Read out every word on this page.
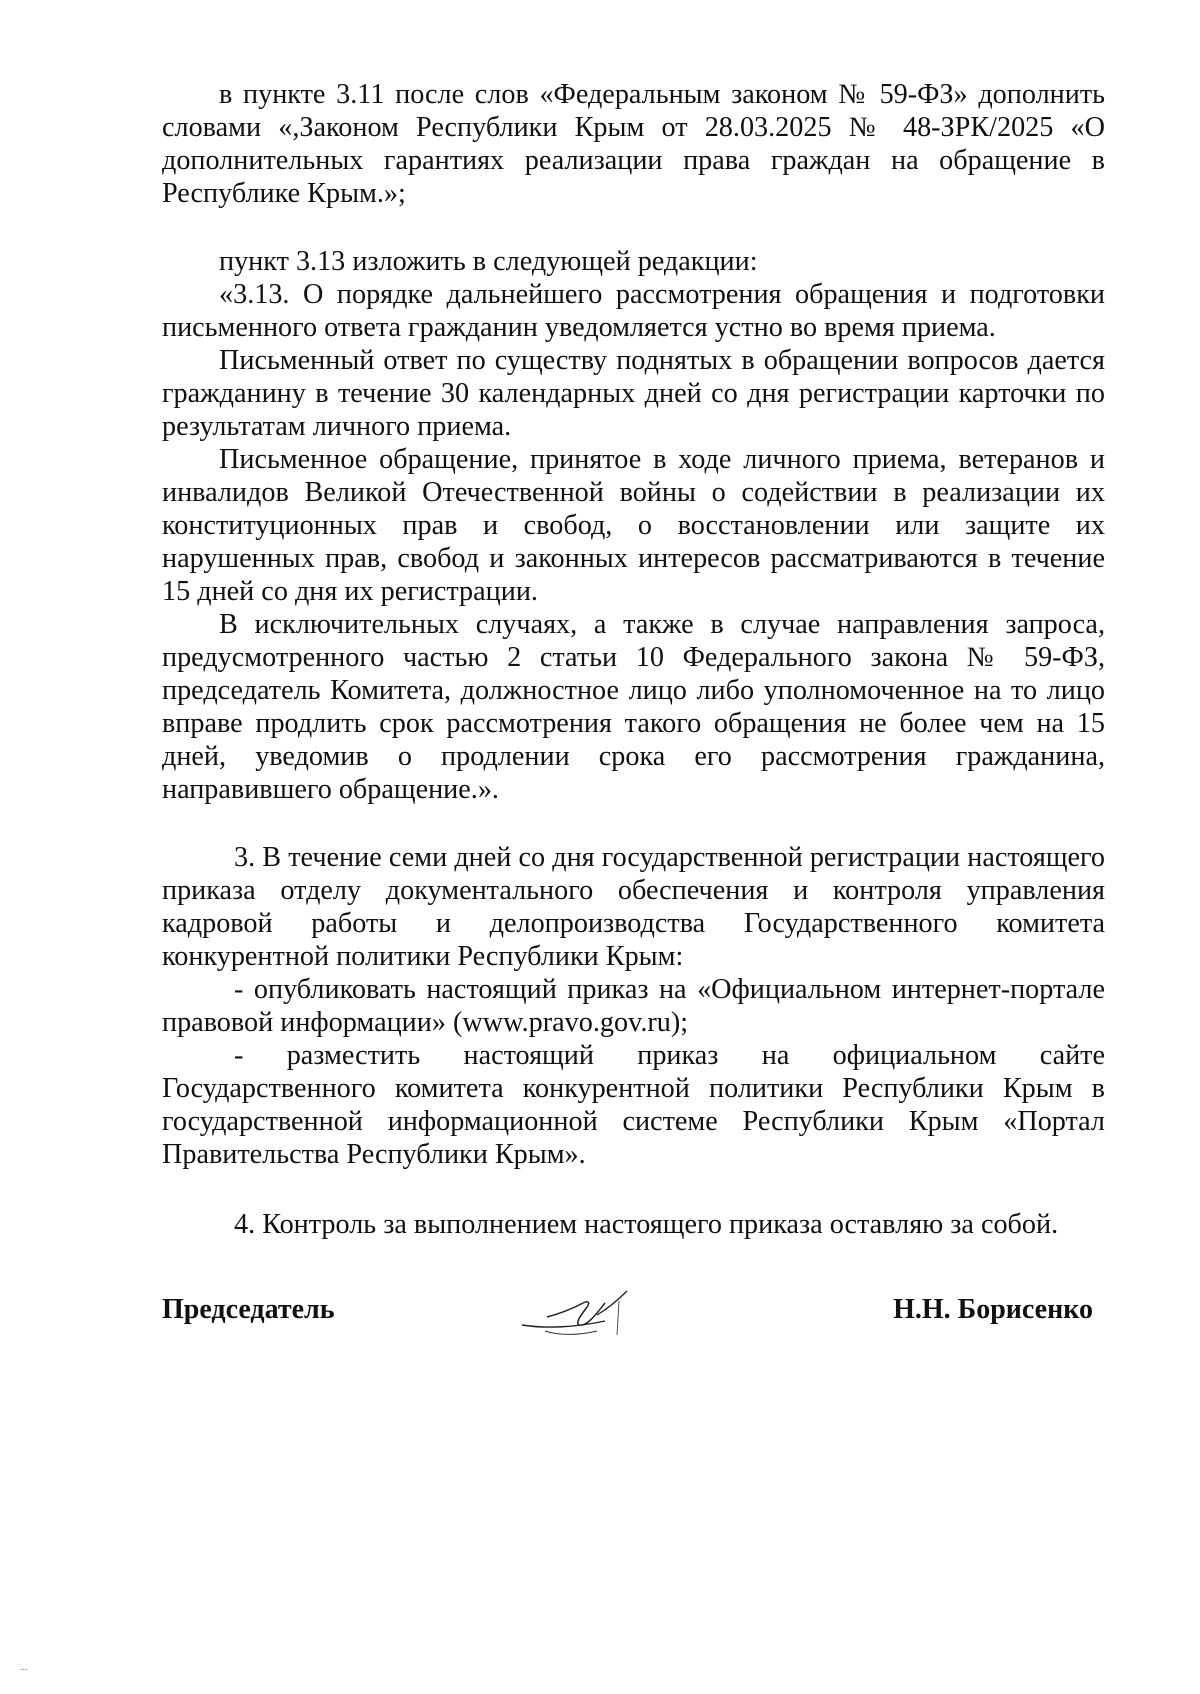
в пункте 3.11 после слов «Федеральным законом № 59-ФЗ» дополнить словами «,Законом Республики Крым от 28.03.2025 № 48-ЗРК/2025 «О дополнительных гарантиях реализации права граждан на обращение в Республике Крым.»;

пункт 3.13 изложить в следующей редакции:

«3.13. О порядке дальнейшего рассмотрения обращения и подготовки письменного ответа гражданин уведомляется устно во время приема.

Письменный ответ по существу поднятых в обращении вопросов дается гражданину в течение 30 календарных дней со дня регистрации карточки по результатам личного приема.

Письменное обращение, принятое в ходе личного приема, ветеранов и инвалидов Великой Отечественной войны о содействии в реализации их конституционных прав и свобод, о восстановлении или защите их нарушенных прав, свобод и законных интересов рассматриваются в течение 15 дней со дня их регистрации.

В исключительных случаях, а также в случае направления запроса, предусмотренного частью 2 статьи 10 Федерального закона № 59-ФЗ, председатель Комитета, должностное лицо либо уполномоченное на то лицо вправе продлить срок рассмотрения такого обращения не более чем на 15 дней, уведомив о продлении срока его рассмотрения гражданина, направившего обращение.».

3. В течение семи дней со дня государственной регистрации настоящего приказа отделу документального обеспечения и контроля управления кадровой работы и делопроизводства Государственного комитета конкурентной политики Республики Крым:

- опубликовать настоящий приказ на «Официальном интернет-портале правовой информации» (www.pravo.gov.ru);

- разместить настоящий приказ на официальном сайте Государственного комитета конкурентной политики Республики Крым в государственной информационной системе Республики Крым «Портал Правительства Республики Крым».

4. Контроль за выполнением настоящего приказа оставляю за собой.

Председатель	Н.Н. Борисенко
...
